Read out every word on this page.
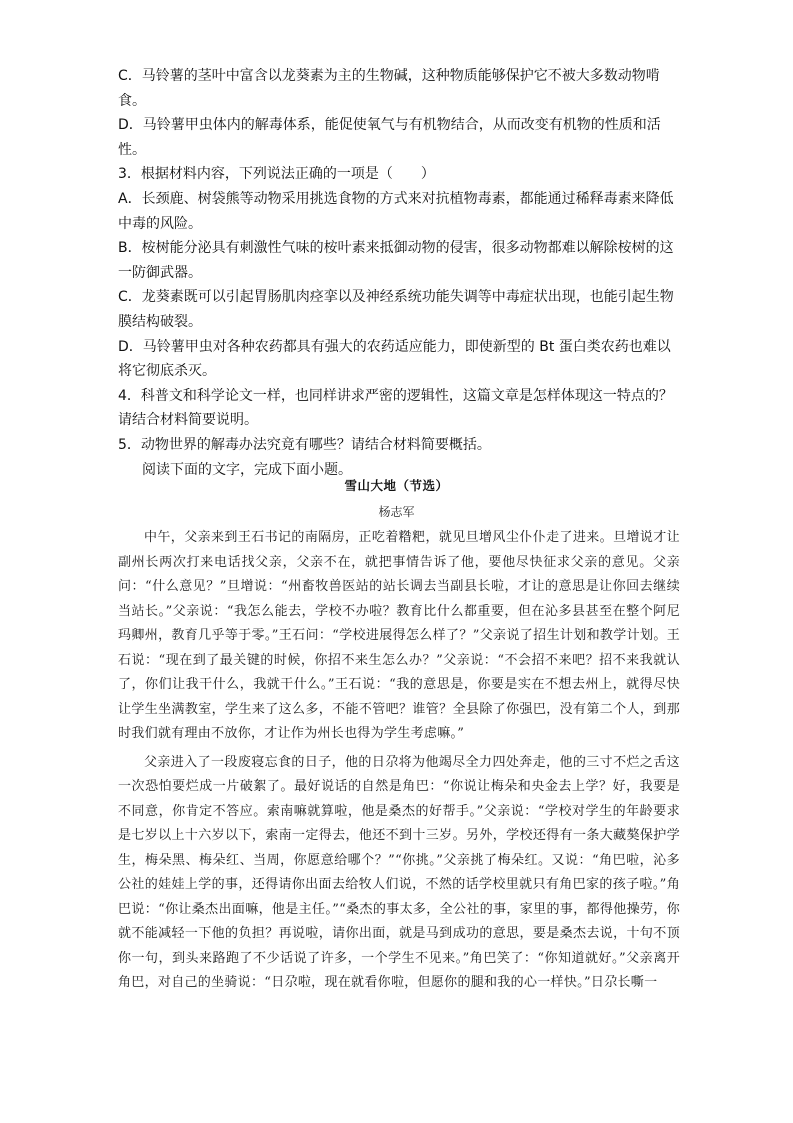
C．马铃薯的茎叶中富含以龙葵素为主的生物碱，这种物质能够保护它不被大多数动物啃食。

D．马铃薯甲虫体内的解毒体系，能促使氧气与有机物结合，从而改变有机物的性质和活性。

3．根据材料内容，下列说法正确的一项是（　　）

A．长颈鹿、树袋熊等动物采用挑选食物的方式来对抗植物毒素，都能通过稀释毒素来降低中毒的风险。

B．桉树能分泌具有刺激性气味的桉叶素来抵御动物的侵害，很多动物都难以解除桉树的这一防御武器。

C．龙葵素既可以引起胃肠肌肉痉挛以及神经系统功能失调等中毒症状出现，也能引起生物膜结构破裂。

D．马铃薯甲虫对各种农药都具有强大的农药适应能力，即使新型的 Bt 蛋白类农药也难以将它彻底杀灭。

4．科普文和科学论文一样，也同样讲求严密的逻辑性，这篇文章是怎样体现这一特点的？请结合材料简要说明。

5．动物世界的解毒办法究竟有哪些？请结合材料简要概括。

阅读下面的文字，完成下面小题。

雪山大地（节选）
杨志军

中午，父亲来到王石书记的南隔房，正吃着糌粑，就见旦增风尘仆仆走了进来。旦增说才让副州长两次打来电话找父亲，父亲不在，就把事情告诉了他，要他尽快征求父亲的意见。父亲问：“什么意见？”旦增说：“州畜牧兽医站的站长调去当副县长啦，才让的意思是让你回去继续当站长。”父亲说：“我怎么能去，学校不办啦？教育比什么都重要，但在沁多县甚至在整个阿尼玛卿州，教育几乎等于零。”王石问：“学校进展得怎么样了？”父亲说了招生计划和教学计划。王石说：“现在到了最关键的时候，你招不来生怎么办？”父亲说：“不会招不来吧？招不来我就认了，你们让我干什么，我就干什么。”王石说：“我的意思是，你要是实在不想去州上，就得尽快让学生坐满教室，学生来了这么多，不能不管吧？谁管？全县除了你强巴，没有第二个人，到那时我们就有理由不放你，才让作为州长也得为学生考虑嘛。”

父亲进入了一段废寝忘食的日子，他的日尕将为他竭尽全力四处奔走，他的三寸不烂之舌这一次恐怕要烂成一片破絮了。最好说话的自然是角巴：“你说让梅朵和央金去上学？好，我要是不同意，你肯定不答应。索南嘛就算啦，他是桑杰的好帮手。”父亲说：“学校对学生的年龄要求是七岁以上十六岁以下，索南一定得去，他还不到十三岁。另外，学校还得有一条大藏獒保护学生，梅朵黑、梅朵红、当周，你愿意给哪个？”“你挑。”父亲挑了梅朵红。又说：“角巴啦，沁多公社的娃娃上学的事，还得请你出面去给牧人们说，不然的话学校里就只有角巴家的孩子啦。”角巴说：“你让桑杰出面嘛，他是主任。”“桑杰的事太多，全公社的事，家里的事，都得他操劳，你就不能减轻一下他的负担？再说啦，请你出面，就是马到成功的意思，要是桑杰去说，十句不顶你一句，到头来路跑了不少话说了许多，一个学生不见来。”角巴笑了：“你知道就好。”父亲离开角巴，对自己的坐骑说：“日尕啦，现在就看你啦，但愿你的腿和我的心一样快。”日尕长嘶一
